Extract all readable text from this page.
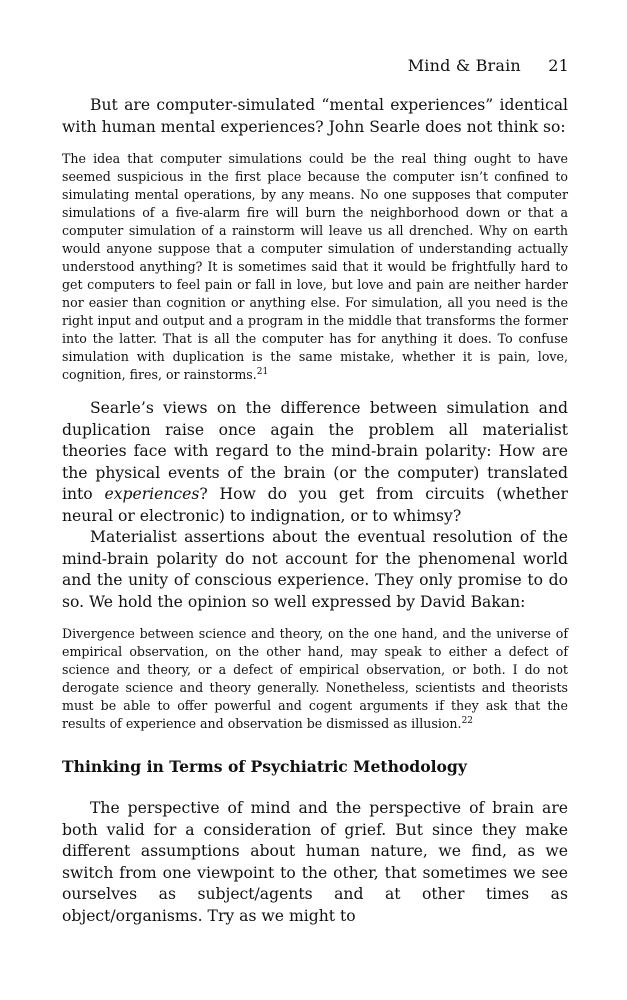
Mind & Brain 21

But are computer-simulated “mental experiences” identical with human mental experiences? John Searle does not think so:

The idea that computer simulations could be the real thing ought to have seemed suspicious in the first place because the computer isn’t confined to simulating mental operations, by any means. No one supposes that computer simulations of a five-alarm fire will burn the neighborhood down or that a computer simulation of a rainstorm will leave us all drenched. Why on earth would anyone suppose that a computer simulation of understanding actually understood anything? It is sometimes said that it would be frightfully hard to get computers to feel pain or fall in love, but love and pain are neither harder nor easier than cognition or anything else. For simulation, all you need is the right input and output and a program in the middle that transforms the former into the latter. That is all the computer has for anything it does. To confuse simulation with duplication is the same mistake, whether it is pain, love, cognition, fires, or rainstorms.$^{21}$

Searle’s views on the difference between simulation and duplication raise once again the problem all materialist theories face with regard to the mind-brain polarity: How are the physical events of the brain (or the computer) translated into experiences? How do you get from circuits (whether neural or electronic) to indignation, or to whimsy?

Materialist assertions about the eventual resolution of the mind-brain polarity do not account for the phenomenal world and the unity of conscious experience. They only promise to do so. We hold the opinion so well expressed by David Bakan:

Divergence between science and theory, on the one hand, and the universe of empirical observation, on the other hand, may speak to either a defect of science and theory, or a defect of empirical observation, or both. I do not derogate science and theory generally. Nonetheless, scientists and theorists must be able to offer powerful and cogent arguments if they ask that the results of experience and observation be dismissed as illusion.$^{22}$

Thinking in Terms of Psychiatric Methodology

The perspective of mind and the perspective of brain are both valid for a consideration of grief. But since they make different assumptions about human nature, we find, as we switch from one viewpoint to the other, that sometimes we see ourselves as subject/agents and at other times as object/organisms. Try as we might to
